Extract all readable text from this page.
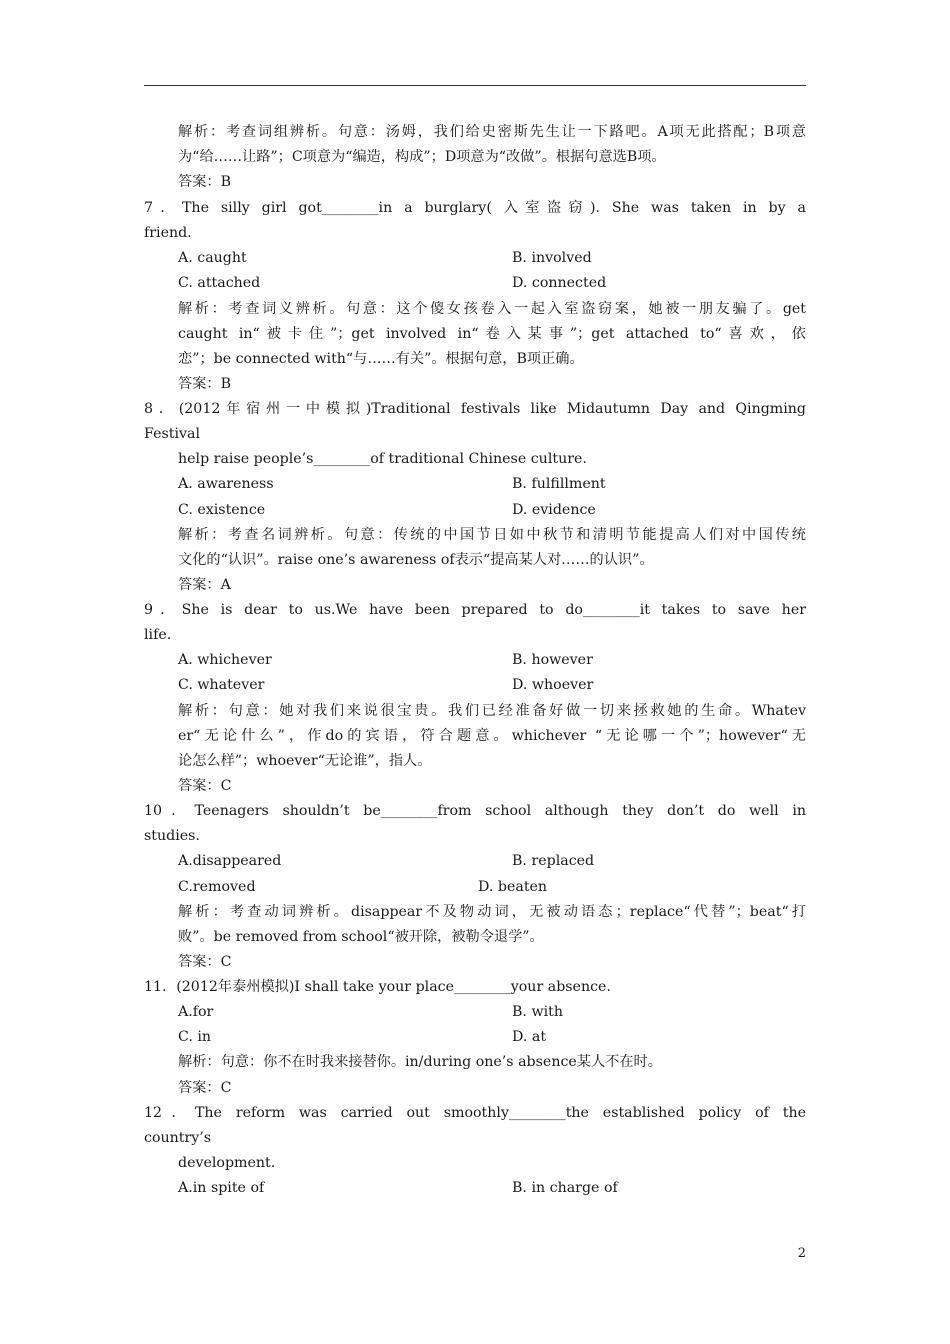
解析：考查词组辨析。句意：汤姆，我们给史密斯先生让一下路吧。A项无此搭配；B项意
为“给……让路”；C项意为“编造，构成”；D项意为“改做”。根据句意选B项。
答案：B
7．The silly girl got________in a burglary( 入室盗窃). She was taken in by a
friend.

A. caught

	B. involved

C. attached

	D. connected

解析：考查词义辨析。句意：这个傻女孩卷入一起入室盗窃案，她被一朋友骗了。get
caught in“被卡住”；get involved in“卷入某事”；get attached to“喜欢，依
恋”；be connected with“与……有关”。根据句意，B项正确。
答案：B
8．(2012年宿州一中模拟)Traditional festivals like Midautumn Day and Qingming
Festival
help raise people’s________of traditional Chinese culture.

A. awareness

	B. fulfillment

C. existence

	D. evidence

解析：考查名词辨析。句意：传统的中国节日如中秋节和清明节能提高人们对中国传统
文化的“认识”。raise one’s awareness of表示“提高某人对……的认识”。
答案：A
9．She is dear to us.We have been prepared to do________it takes to save her
life.

A. whichever

	B. however

C. whatever

	D. whoever

解析：句意：她对我们来说很宝贵。我们已经准备好做一切来拯救她的生命。Whatev
er“无论什么”，作do的宾语，符合题意。whichever “无论哪一个”；however“无
论怎么样”；whoever“无论谁”，指人。
答案：C
10．Teenagers shouldn’t be________from school although they don’t do well in
studies.

A.disappeared

	B. replaced

C.removed

	D. beaten

解析：考查动词辨析。disappear不及物动词，无被动语态；replace“代替”；beat“打
败”。be removed from school“被开除，被勒令退学”。
答案：C
11．(2012年泰州模拟)I shall take your place________your absence.

A.for

	B. with

C. in

	D. at

解析：句意：你不在时我来接替你。in/during one’s absence某人不在时。
答案：C
12．The reform was carried out smoothly________the established policy of the
country’s
development.

A.in spite of

	B. in charge of

2
